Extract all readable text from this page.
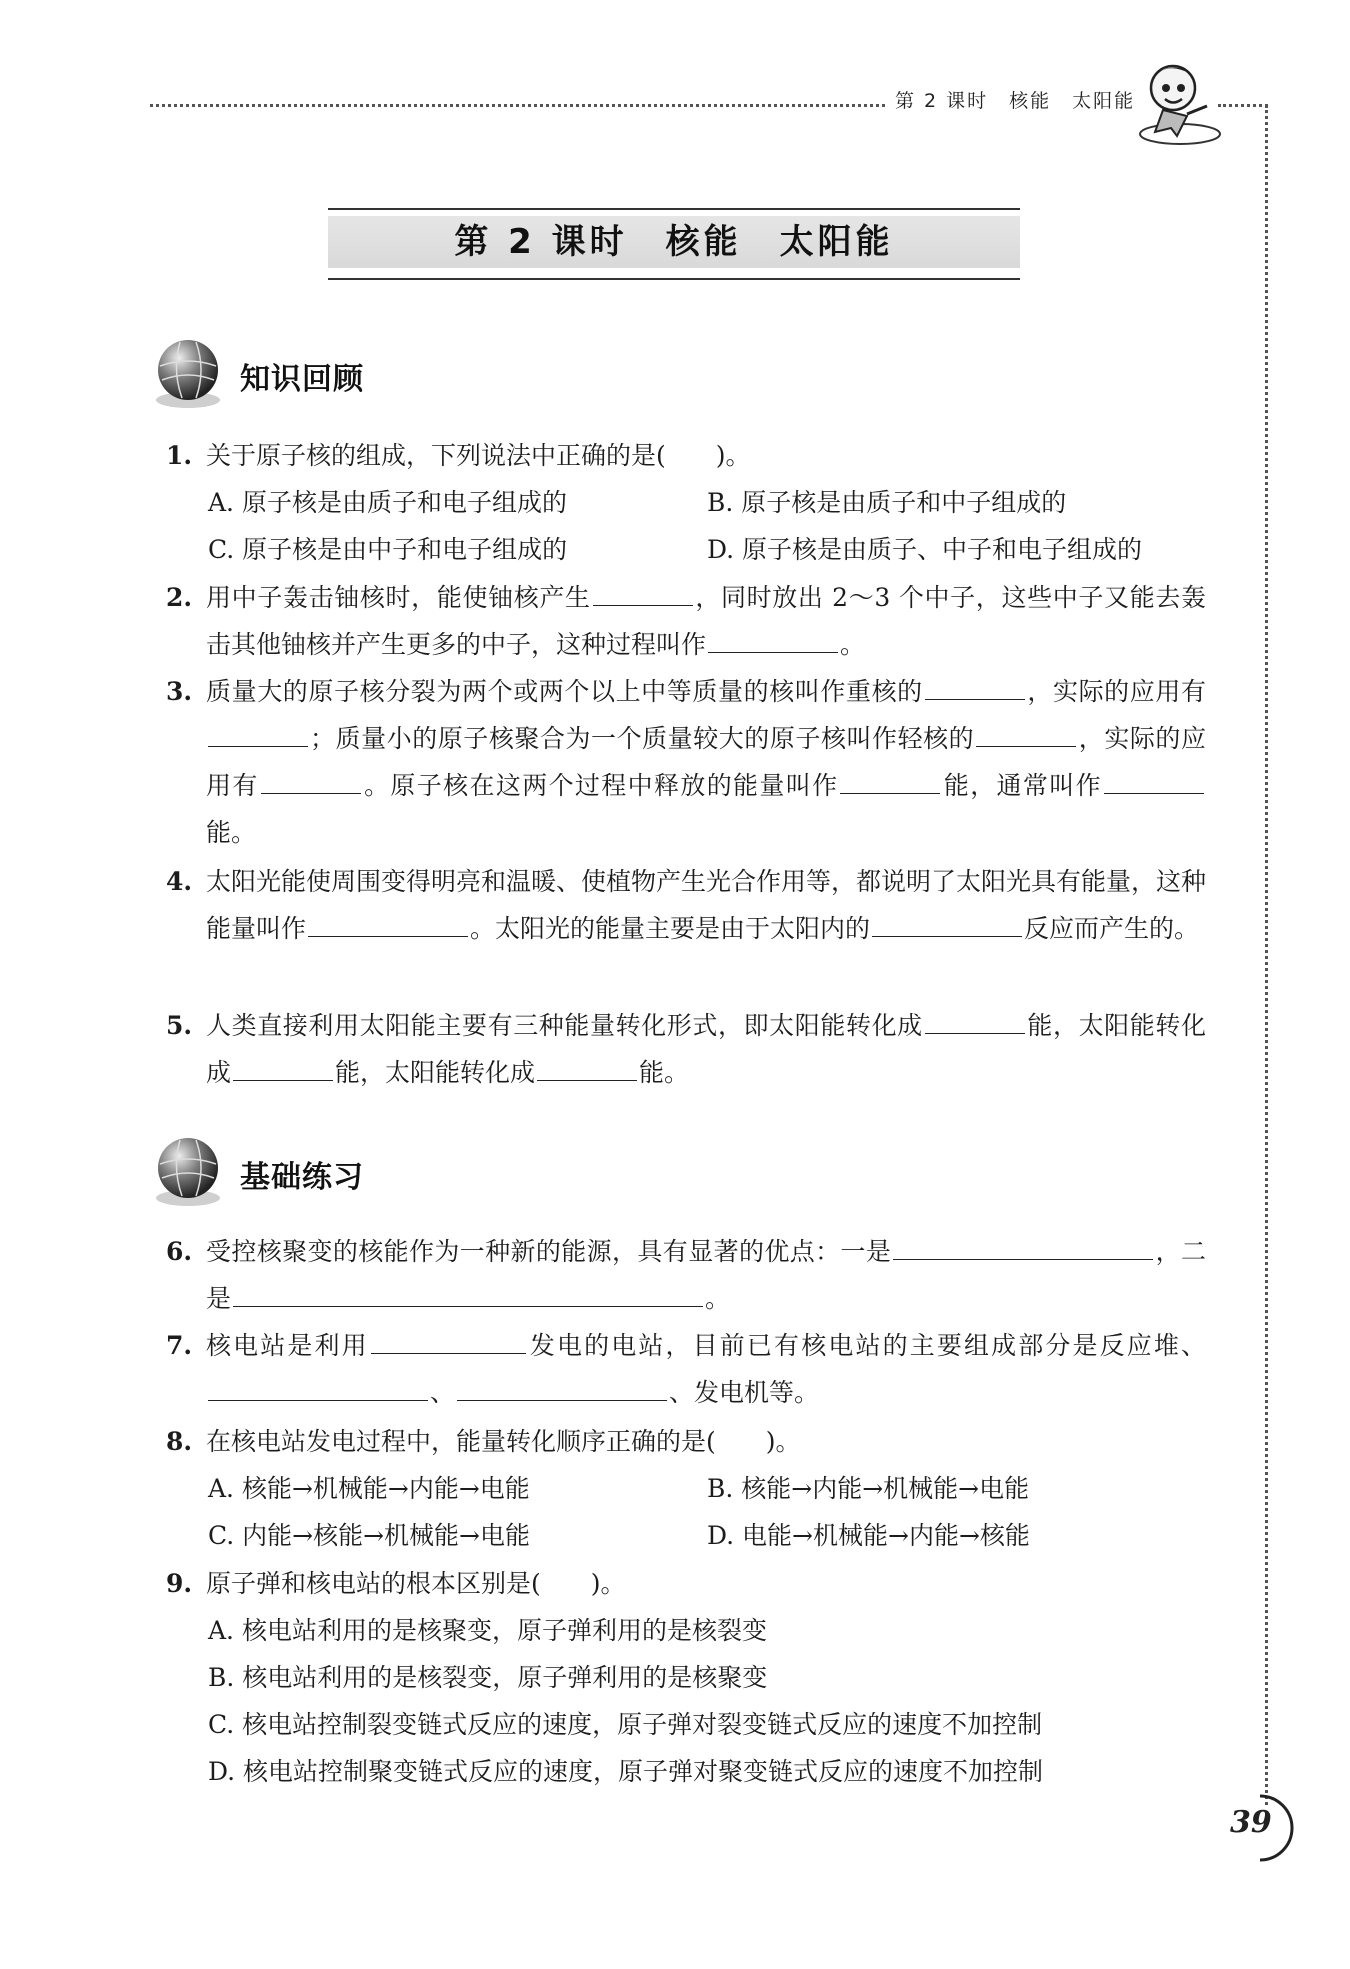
第 2 课时　核能　太阳能
第 2 课时　核能　太阳能
知识回顾
1. 关于原子核的组成，下列说法中正确的是(　　)。
A. 原子核是由质子和电子组成的	B. 原子核是由质子和中子组成的
C. 原子核是由中子和电子组成的	D. 原子核是由质子、中子和电子组成的
2. 用中子轰击铀核时，能使铀核产生	，同时放出 2～3 个中子，这些中子又能去轰击其他铀核并产生更多的中子，这种过程叫作	。
3. 质量大的原子核分裂为两个或两个以上中等质量的核叫作重核的	，实际的应用有；质量小的原子核聚合为一个质量较大的原子核叫作轻核的	，实际的应用有	。原子核在这两个过程中释放的能量叫作	能，通常叫作能。
4. 太阳光能使周围变得明亮和温暖、使植物产生光合作用等，都说明了太阳光具有能量，这种能量叫作	。太阳光的能量主要是由于太阳内的	反应而产生的。
5. 人类直接利用太阳能主要有三种能量转化形式，即太阳能转化成	能，太阳能转化成	能，太阳能转化成	能。
基础练习
6. 受控核聚变的核能作为一种新的能源，具有显著的优点：一是	，二是	。
7. 核电站是利用	发电的电站，目前已有核电站的主要组成部分是反应堆、、	、发电机等。
8. 在核电站发电过程中，能量转化顺序正确的是(　　)。
A. 核能→机械能→内能→电能	B. 核能→内能→机械能→电能
C. 内能→核能→机械能→电能	D. 电能→机械能→内能→核能
9. 原子弹和核电站的根本区别是(　　)。
A. 核电站利用的是核聚变，原子弹利用的是核裂变
B. 核电站利用的是核裂变，原子弹利用的是核聚变
C. 核电站控制裂变链式反应的速度，原子弹对裂变链式反应的速度不加控制
D. 核电站控制聚变链式反应的速度，原子弹对聚变链式反应的速度不加控制
39
